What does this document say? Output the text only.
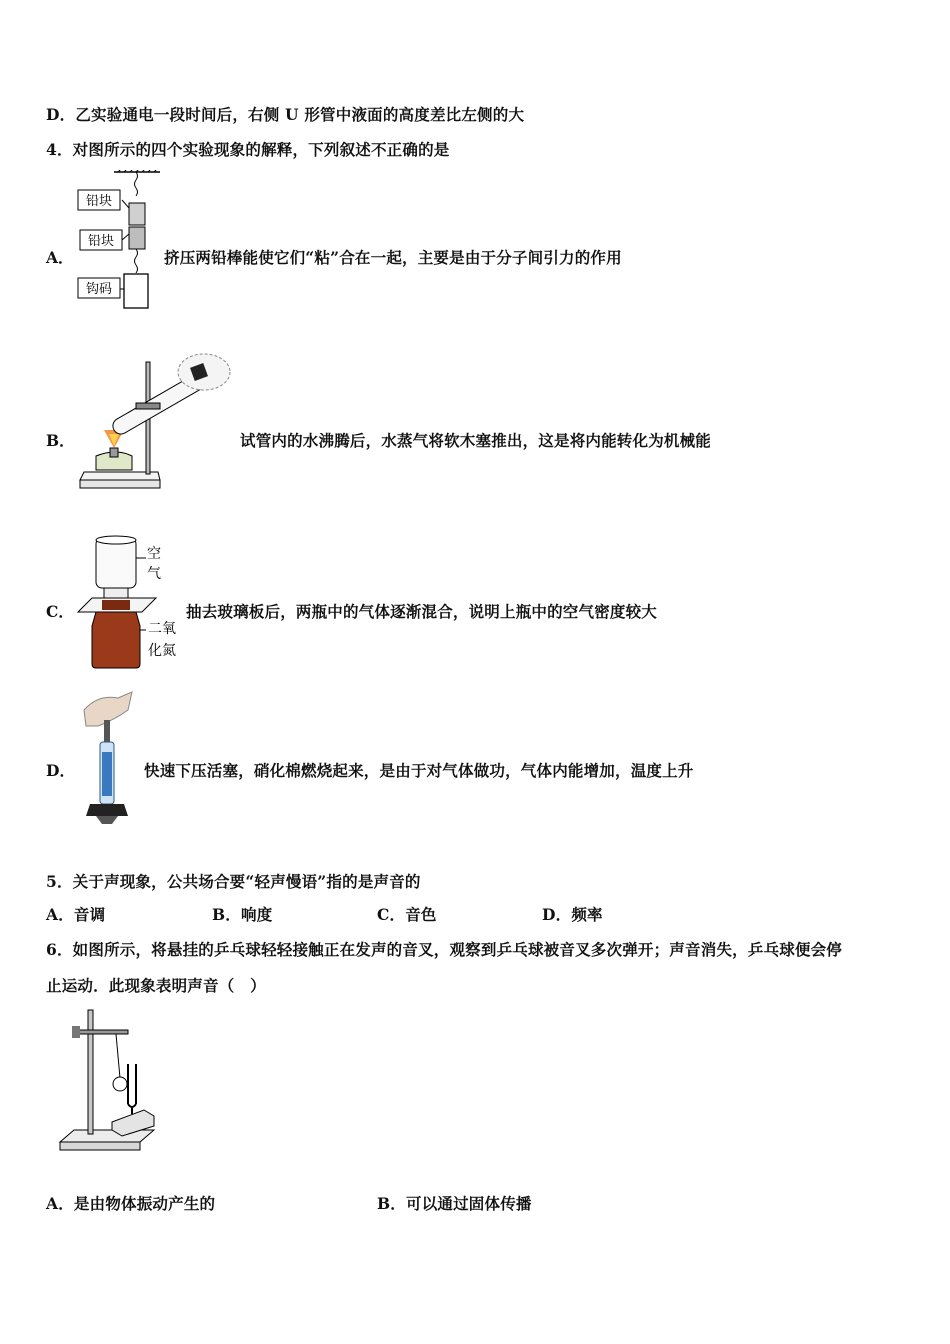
D．乙实验通电一段时间后，右侧 U 形管中液面的高度差比左侧的大
4．对图所示的四个实验现象的解释，下列叙述不正确的是
A．
铅块
铅块
钩码
挤压两铅棒能使它们“粘”合在一起，主要是由于分子间引力的作用
B．	试管内的水沸腾后，水蒸气将软木塞推出，这是将内能转化为机械能
C．
空
气
二氧
化氮
抽去玻璃板后，两瓶中的气体逐渐混合，说明上瓶中的空气密度较大
D．	快速下压活塞，硝化棉燃烧起来，是由于对气体做功，气体内能增加，温度上升
5．关于声现象，公共场合要“轻声慢语”指的是声音的
A．音调	B．响度	C．音色	D．频率
6．如图所示，将悬挂的乒乓球轻轻接触正在发声的音叉，观察到乒乓球被音叉多次弹开；声音消失，乒乓球便会停
止运动．此现象表明声音（　）
A．是由物体振动产生的	B．可以通过固体传播
